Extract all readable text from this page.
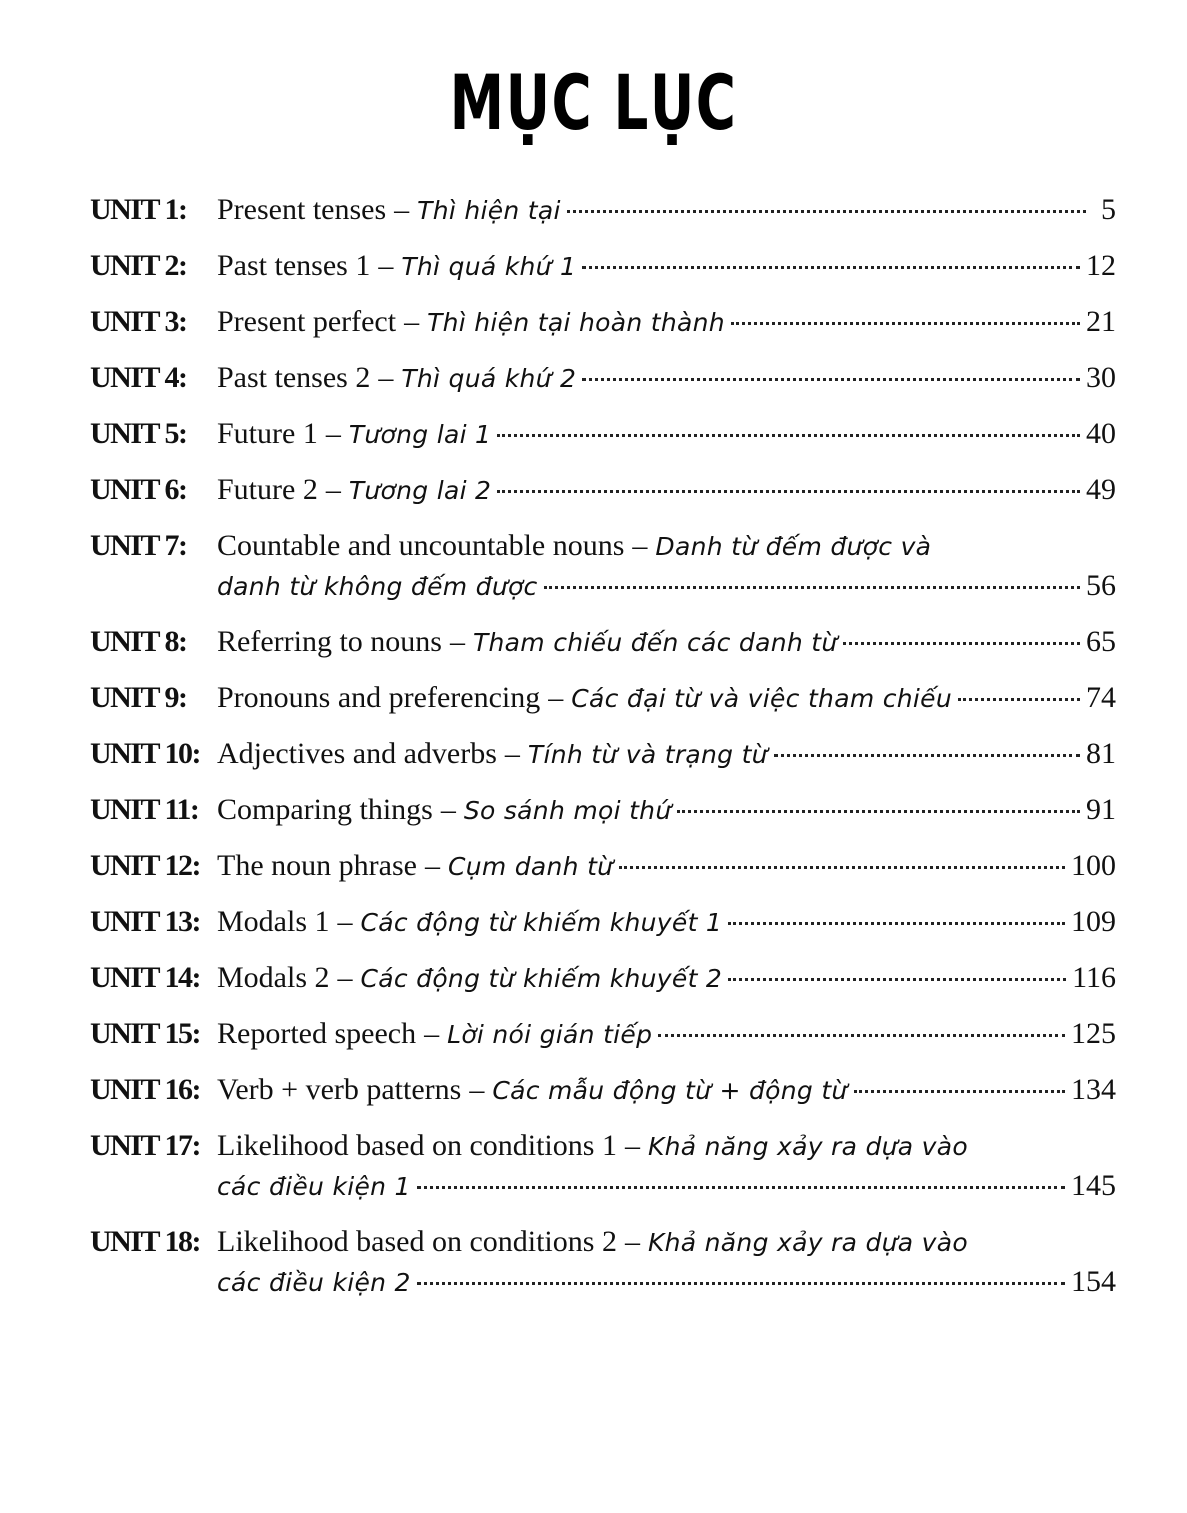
MỤC LỤC
UNIT 1: Present tenses – Thì hiện tại	5
UNIT 2: Past tenses 1 – Thì quá khứ 1	12
UNIT 3: Present perfect – Thì hiện tại hoàn thành	21
UNIT 4: Past tenses 2 – Thì quá khứ 2	30
UNIT 5: Future 1 – Tương lai 1	40
UNIT 6: Future 2 – Tương lai 2	49
UNIT 7: Countable and uncountable nouns – Danh từ đếm được và
danh từ không đếm được	56
UNIT 8: Referring to nouns – Tham chiếu đến các danh từ	65
UNIT 9: Pronouns and preferencing – Các đại từ và việc tham chiếu	74
UNIT 10: Adjectives and adverbs – Tính từ và trạng từ	81
UNIT 11: Comparing things – So sánh mọi thứ	91
UNIT 12: The noun phrase – Cụm danh từ	100
UNIT 13: Modals 1 – Các động từ khiếm khuyết 1	109
UNIT 14: Modals 2 – Các động từ khiếm khuyết 2	116
UNIT 15: Reported speech – Lời nói gián tiếp	125
UNIT 16: Verb + verb patterns – Các mẫu động từ + động từ	134
UNIT 17: Likelihood based on conditions 1 – Khả năng xảy ra dựa vào
các điều kiện 1	145
UNIT 18: Likelihood based on conditions 2 – Khả năng xảy ra dựa vào
các điều kiện 2	154
